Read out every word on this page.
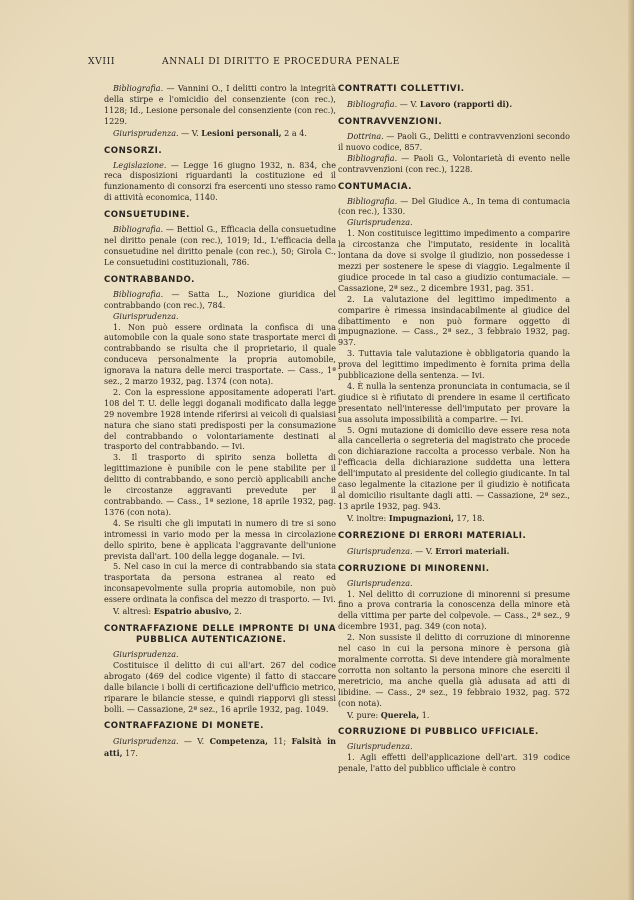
XVIII	ANNALI DI DIRITTO E PROCEDURA PENALE

Bibliografia. — Vannini O., I delitti contro la integrità della stirpe e l'omicidio del consenziente (con rec.), 1128; Id., Lesione personale del consenziente (con rec.), 1229.

Giurisprudenza. — V. Lesioni personali, 2 a 4.

CONSORZI.

Legislazione. — Legge 16 giugno 1932, n. 834, che reca disposizioni riguardanti la costituzione ed il funzionamento di consorzi fra esercenti uno stesso ramo di attività economica, 1140.

CONSUETUDINE.

Bibliografia. — Bettiol G., Efficacia della consuetudine nel diritto penale (con rec.), 1019; Id., L'efficacia della consuetudine nel diritto penale (con rec.), 50; Girola C., Le consuetudini costituzionali, 786.

CONTRABBANDO.

Bibliografia. — Satta L., Nozione giuridica del contrabbando (con rec.), 784.

Giurisprudenza.

1. Non può essere ordinata la confisca di una automobile con la quale sono state trasportate merci di contrabbando se risulta che il proprietario, il quale conduceva personalmente la propria automobile, ignorava la natura delle merci trasportate. — Cass., 1ª sez., 2 marzo 1932, pag. 1374 (con nota).

2. Con la espressione appositamente adoperati l'art. 108 del T. U. delle leggi doganali modificato dalla legge 29 novembre 1928 intende riferirsi ai veicoli di qualsiasi natura che siano stati predisposti per la consumazione del contrabbando o volontariamente destinati al trasporto del contrabbando. — Ivi.

3. Il trasporto di spirito senza bolletta di legittimazione è punibile con le pene stabilite per il delitto di contrabbando, e sono perciò applicabili anche le circostanze aggravanti prevedute per il contrabbando. — Cass., 1ª sezione, 18 aprile 1932, pag. 1376 (con nota).

4. Se risulti che gli imputati in numero di tre si sono intromessi in vario modo per la messa in circolazione dello spirito, bene è applicata l'aggravante dell'unione prevista dall'art. 100 della legge doganale. — Ivi.

5. Nel caso in cui la merce di contrabbando sia stata trasportata da persona estranea al reato ed inconsapevolmente sulla propria automobile, non può essere ordinata la confisca del mezzo di trasporto. — Ivi.

V. altresì: Espatrio abusivo, 2.

CONTRAFFAZIONE DELLE IMPRONTE DI UNA PUBBLICA AUTENTICAZIONE.
Giurisprudenza.

Costituisce il delitto di cui all'art. 267 del codice abrogato (469 del codice vigente) il fatto di staccare dalle bilancie i bolli di certificazione dell'ufficio metrico, riparare le bilancie stesse, e quindi riapporvi gli stessi bolli. — Cassazione, 2ª sez., 16 aprile 1932, pag. 1049.

CONTRAFFAZIONE DI MONETE.

Giurisprudenza. — V. Competenza, 11; Falsità in atti, 17.

CONTRATTI COLLETTIVI.

Bibliografia. — V. Lavoro (rapporti di).

CONTRAVVENZIONI.

Dottrina. — Paoli G., Delitti e contravvenzioni secondo il nuovo codice, 857.

Bibliografia. — Paoli G., Volontarietà di evento nelle contravvenzioni (con rec.), 1228.

CONTUMACIA.

Bibliografia. — Del Giudice A., In tema di contumacia (con rec.), 1330.

Giurisprudenza.

1. Non costituisce legittimo impedimento a comparire la circostanza che l'imputato, residente in località lontana da dove si svolge il giudizio, non possedesse i mezzi per sostenere le spese di viaggio. Legalmente il giudice procede in tal caso a giudizio contumaciale. — Cassazione, 2ª sez., 2 dicembre 1931, pag. 351.

2. La valutazione del legittimo impedimento a comparire è rimessa insindacabilmente al giudice del dibattimento e non può formare oggetto di impugnazione. — Cass., 2ª sez., 3 febbraio 1932, pag. 937.

3. Tuttavia tale valutazione è obbligatoria quando la prova del legittimo impedimento è fornita prima della pubblicazione della sentenza. — Ivi.

4. È nulla la sentenza pronunciata in contumacia, se il giudice si è rifiutato di prendere in esame il certificato presentato nell'interesse dell'imputato per provare la sua assoluta impossibilità a comparire. — Ivi.

5. Ogni mutazione di domicilio deve essere resa nota alla cancelleria o segreteria del magistrato che procede con dichiarazione raccolta a processo verbale. Non ha l'efficacia della dichiarazione suddetta una lettera dell'imputato al presidente del collegio giudicante. In tal caso legalmente la citazione per il giudizio è notificata al domicilio risultante dagli atti. — Cassazione, 2ª sez., 13 aprile 1932, pag. 943.

V. inoltre: Impugnazioni, 17, 18.

CORREZIONE DI ERRORI MATERIALI.

Giurisprudenza. — V. Errori materiali.

CORRUZIONE DI MINORENNI.
Giurisprudenza.

1. Nel delitto di corruzione di minorenni si presume fino a prova contraria la conoscenza della minore età della vittima per parte del colpevole. — Cass., 2ª sez., 9 dicembre 1931, pag. 349 (con nota).

2. Non sussiste il delitto di corruzione di minorenne nel caso in cui la persona minore è persona già moralmente corrotta. Si deve intendere già moralmente corrotta non soltanto la persona minore che eserciti il meretricio, ma anche quella già adusata ad atti di libidine. — Cass., 2ª sez., 19 febbraio 1932, pag. 572 (con nota).

V. pure: Querela, 1.

CORRUZIONE DI PUBBLICO UFFICIALE.
Giurisprudenza.

1. Agli effetti dell'applicazione dell'art. 319 codice penale, l'atto del pubblico ufficiale è contro
